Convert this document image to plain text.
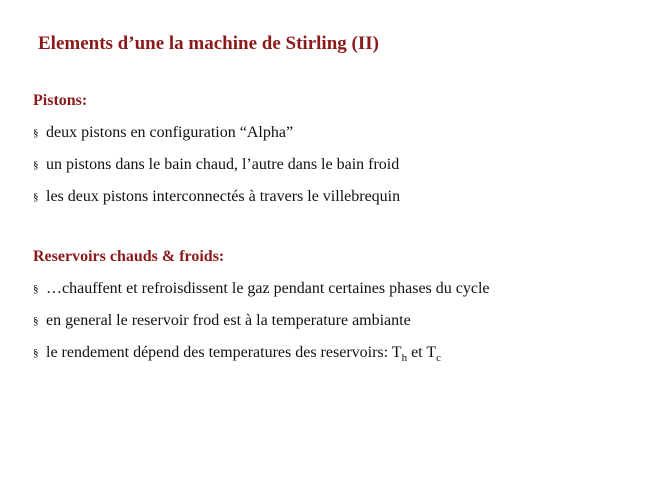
Elements d’une la machine de Stirling (II)
Pistons:
§ deux pistons en configuration “Alpha”
§ un pistons dans le bain chaud, l’autre dans le bain froid
§ les deux pistons interconnectés à travers le villebrequin
Reservoirs chauds & froids:
§ …chauffent et refroisdissent le gaz pendant certaines phases du cycle
§ en general le reservoir frod est à la temperature ambiante
§ le rendement dépend des temperatures des reservoirs: $T_h$ et $T_c$
